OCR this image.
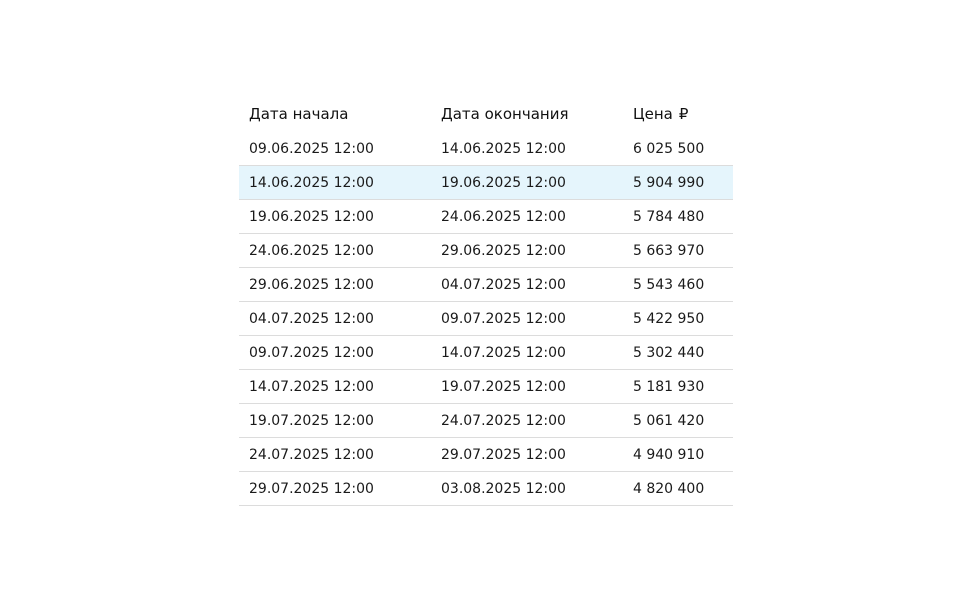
Дата начала	Дата окончания	Цена ₽
09.06.2025 12:00	14.06.2025 12:00	6 025 500
14.06.2025 12:00	19.06.2025 12:00	5 904 990
19.06.2025 12:00	24.06.2025 12:00	5 784 480
24.06.2025 12:00	29.06.2025 12:00	5 663 970
29.06.2025 12:00	04.07.2025 12:00	5 543 460
04.07.2025 12:00	09.07.2025 12:00	5 422 950
09.07.2025 12:00	14.07.2025 12:00	5 302 440
14.07.2025 12:00	19.07.2025 12:00	5 181 930
19.07.2025 12:00	24.07.2025 12:00	5 061 420
24.07.2025 12:00	29.07.2025 12:00	4 940 910
29.07.2025 12:00	03.08.2025 12:00	4 820 400
